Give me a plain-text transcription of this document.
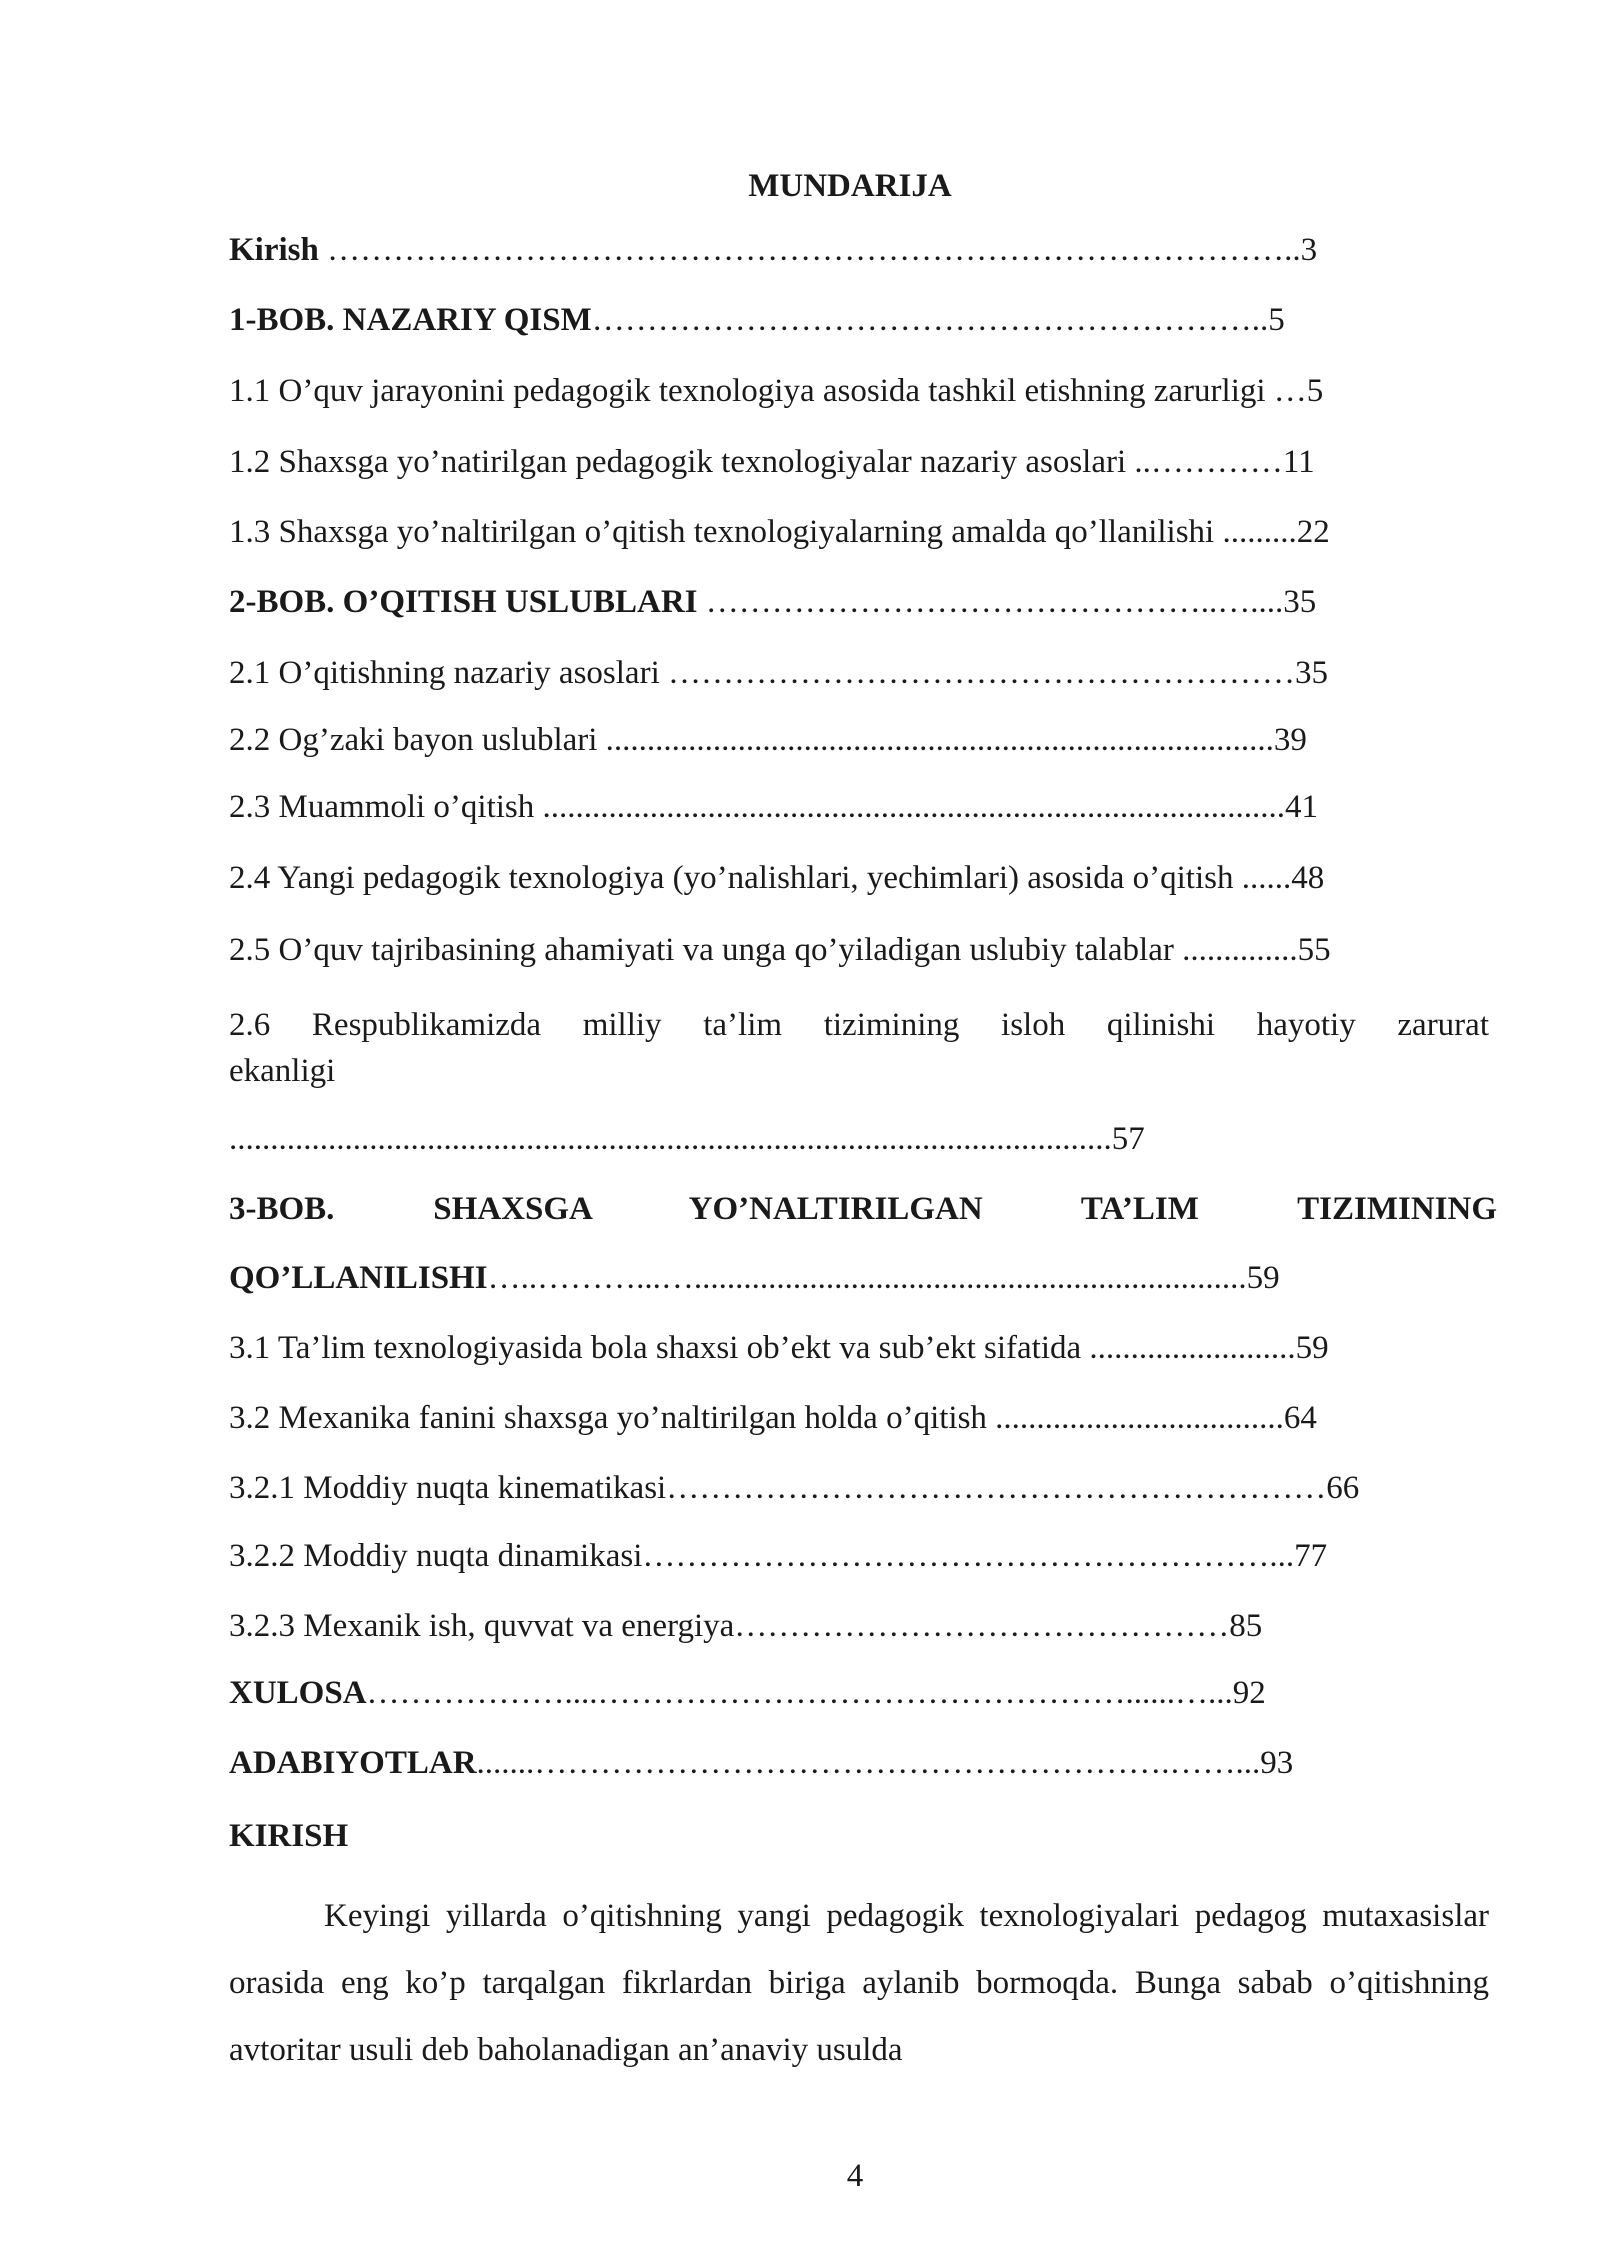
MUNDARIJA
Kirish ……………………………………………………………………………..3
1-BOB. NAZARIY QISM……………………………………………………..5
1.1 O’quv jarayonini pedagogik texnologiya asosida tashkil etishning zarurligi …5
1.2 Shaxsga yo’natirilgan pedagogik texnologiyalar nazariy asoslari ..…………11
1.3 Shaxsga yo’naltirilgan o’qitish texnologiyalarning amalda qo’llanilishi .........22
2-BOB. O’QITISH USLUBLARI ………………………………………..…....35
2.1 O’qitishning nazariy asoslari …………………………………………………35
2.2 Og’zaki bayon uslublari .................................................................................39
2.3 Muammoli o’qitish ..........................................................................................41
2.4 Yangi pedagogik texnologiya (yo’nalishlari, yechimlari) asosida o’qitish ......48
2.5 O’quv tajribasining ahamiyati va unga qo’yiladigan uslubiy talablar ..............55
2.6 Respublikamizda milliy ta’lim tizimining isloh qilinishi hayotiy zarurat
ekanligi
...........................................................................................................57
3-BOB. SHAXSGA YO’NALTIRILGAN TA’LIM TIZIMINING
QO’LLANILISHI…..………...…...................................................................59
3.1 Ta’lim texnologiyasida bola shaxsi ob’ekt va sub’ekt sifatida .........................59
3.2 Mexanika fanini shaxsga yo’naltirilgan holda o’qitish ...................................64
3.2.1 Moddiy nuqta kinematikasi……………………………………………………66
3.2.2 Moddiy nuqta dinamikasi…………………………………………………...77
3.2.3 Mexanik ish, quvvat va energiya………………………………………85
XULOSA………………....…………………………………………......…...92
ADABIYOTLAR.......………………………………………………….……...93
KIRISH
Keyingi yillarda o’qitishning yangi pedagogik texnologiyalari pedagog mutaxasislar orasida eng ko’p tarqalgan fikrlardan biriga aylanib bormoqda. Bunga sabab o’qitishning avtoritar usuli deb baholanadigan an’anaviy usulda
4
